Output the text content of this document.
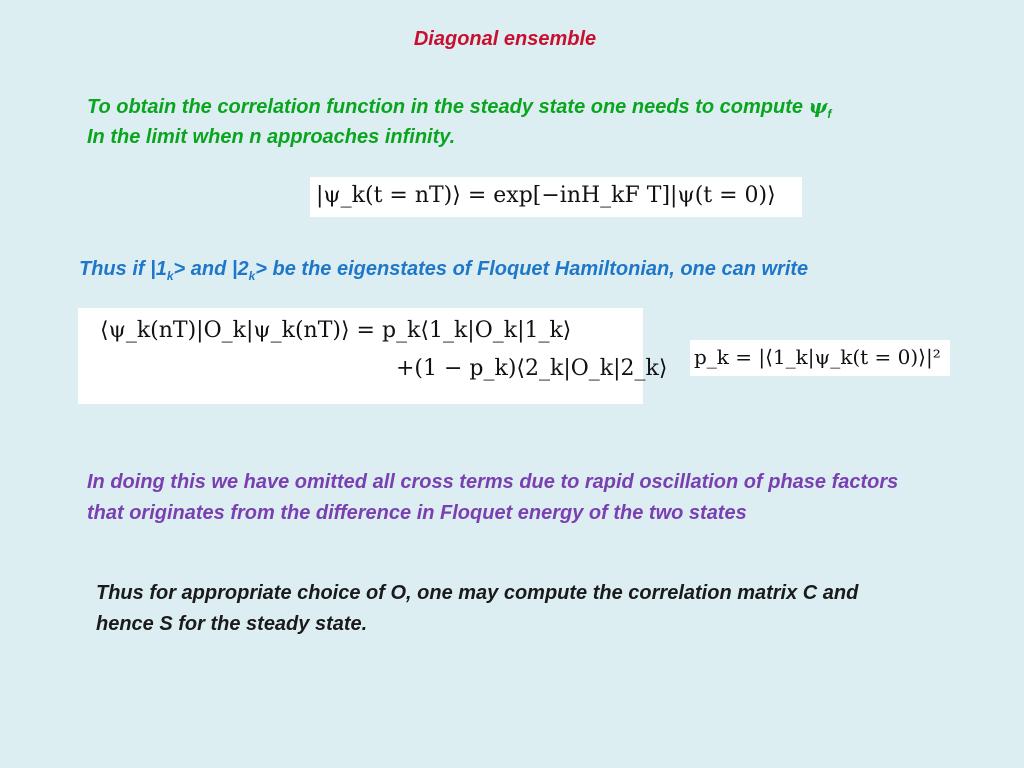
Diagonal ensemble

To obtain the correlation function in the steady state one needs to compute $\psi_f$

In the limit when n approaches infinity.

|ψ_k(t = nT)⟩ = exp[−inH_kF T]|ψ(t = 0)⟩

Thus if $|1_k>$ and $|2_k>$ be the eigenstates of Floquet Hamiltonian, one can write

⟨ψ_k(nT)|O_k|ψ_k(nT)⟩ = p_k⟨1_k|O_k|1_k⟩
+(1 − p_k)⟨2_k|O_k|2_k⟩ p_k = |⟨1_k|ψ_k(t = 0)⟩|²

In doing this we have omitted all cross terms due to rapid oscillation of phase factors

that originates from the difference in Floquet energy of the two states

Thus for appropriate choice of O, one may compute the correlation matrix C and

hence S for the steady state.
